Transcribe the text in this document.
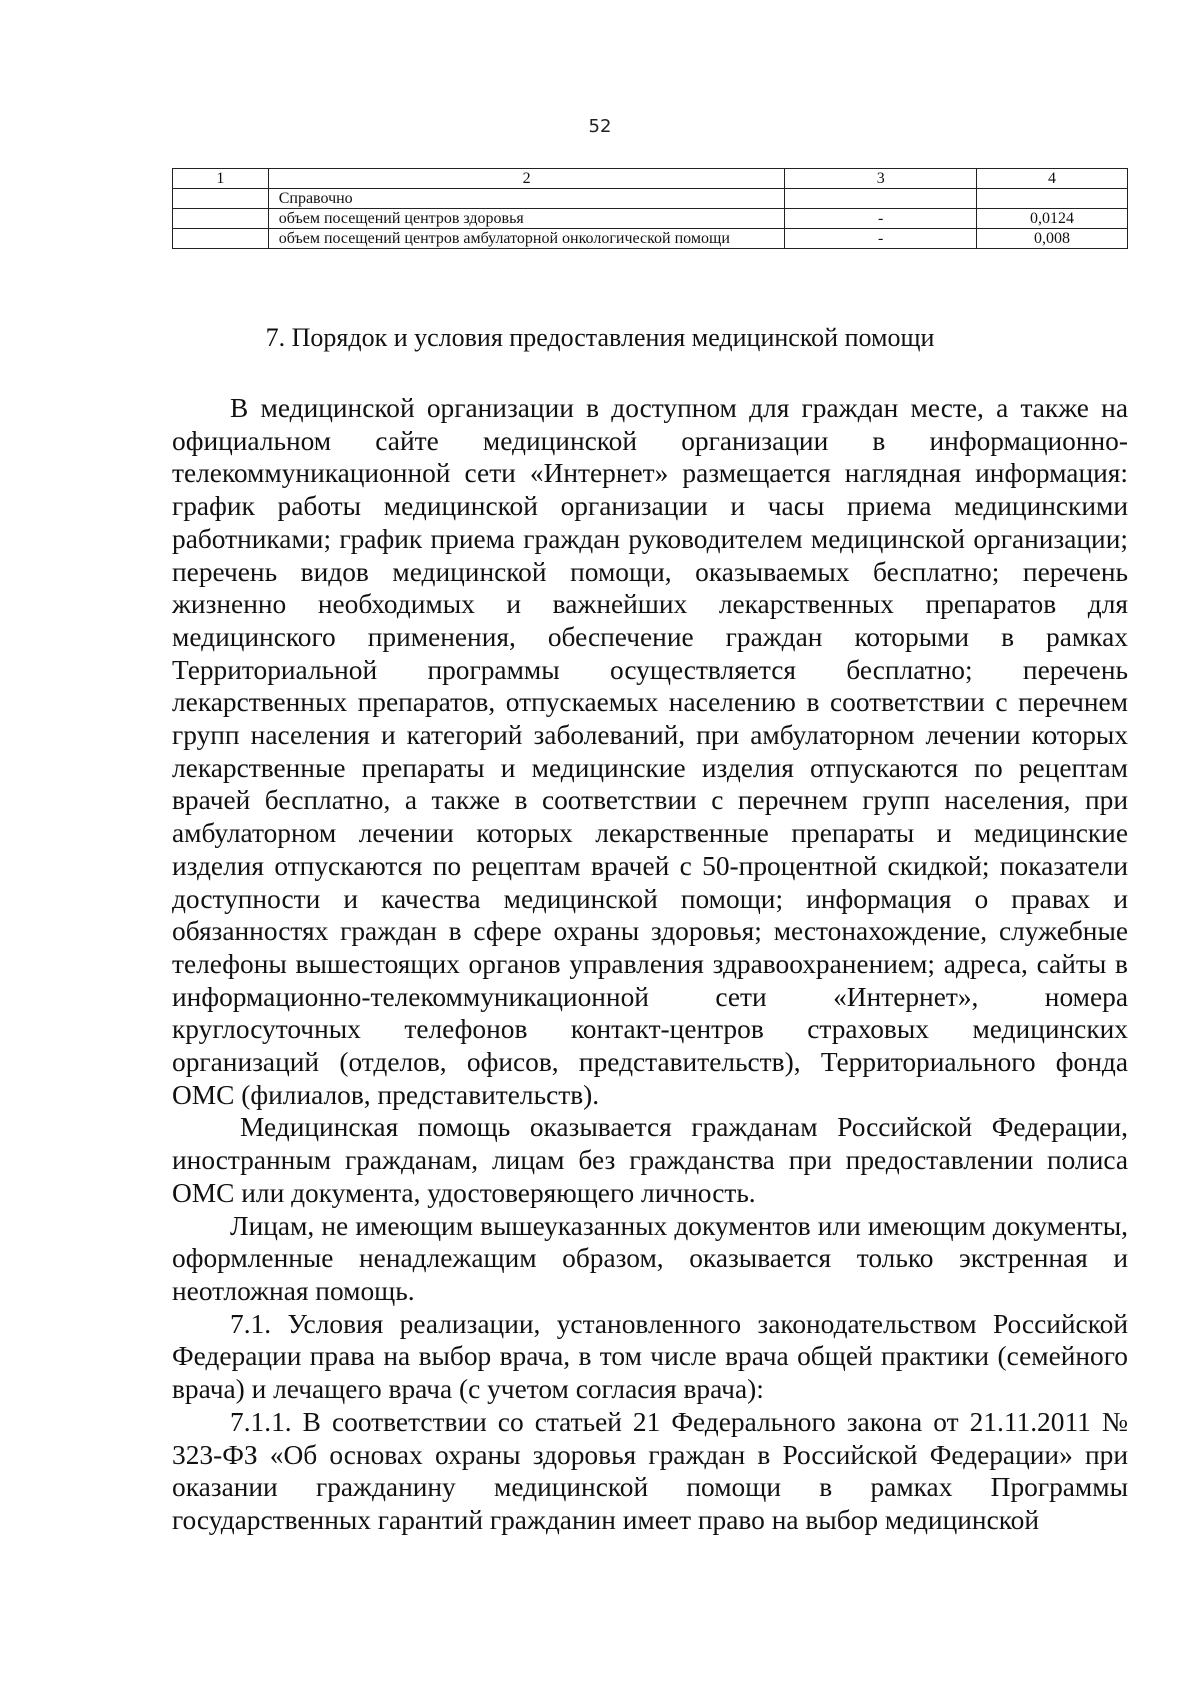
52
1	2	3	4
	Справочно		
	объем посещений центров здоровья	-	0,0124
	объем посещений центров амбулаторной онкологической помощи	-	0,008
7. Порядок и условия предоставления медицинской помощи

В медицинской организации в доступном для граждан месте, а также на официальном сайте медицинской организации в информационно-телекоммуникационной сети «Интернет» размещается наглядная информация: график работы медицинской организации и часы приема медицинскими работниками; график приема граждан руководителем медицинской организации; перечень видов медицинской помощи, оказываемых бесплатно; перечень жизненно необходимых и важнейших лекарственных препаратов для медицинского применения, обеспечение граждан которыми в рамках Территориальной программы осуществляется бесплатно; перечень лекарственных препаратов, отпускаемых населению в соответствии с перечнем групп населения и категорий заболеваний, при амбулаторном лечении которых лекарственные препараты и медицинские изделия отпускаются по рецептам врачей бесплатно, а также в соответствии с перечнем групп населения, при амбулаторном лечении которых лекарственные препараты и медицинские изделия отпускаются по рецептам врачей с 50-процентной скидкой; показатели доступности и качества медицинской помощи; информация о правах и обязанностях граждан в сфере охраны здоровья; местонахождение, служебные телефоны вышестоящих органов управления здравоохранением; адреса, сайты в информационно-телекоммуникационной сети «Интернет», номера круглосуточных телефонов контакт-центров страховых медицинских организаций (отделов, офисов, представительств), Территориального фонда ОМС (филиалов, представительств).

Медицинская помощь оказывается гражданам Российской Федерации, иностранным гражданам, лицам без гражданства при предоставлении полиса ОМС или документа, удостоверяющего личность.

Лицам, не имеющим вышеуказанных документов или имеющим документы, оформленные ненадлежащим образом, оказывается только экстренная и неотложная помощь.

7.1. Условия реализации, установленного законодательством Российской Федерации права на выбор врача, в том числе врача общей практики (семейного врача) и лечащего врача (с учетом согласия врача):

7.1.1. В соответствии со статьей 21 Федерального закона от 21.11.2011 № 323-ФЗ «Об основах охраны здоровья граждан в Российской Федерации» при оказании гражданину медицинской помощи в рамках Программы государственных гарантий гражданин имеет право на выбор медицинской
